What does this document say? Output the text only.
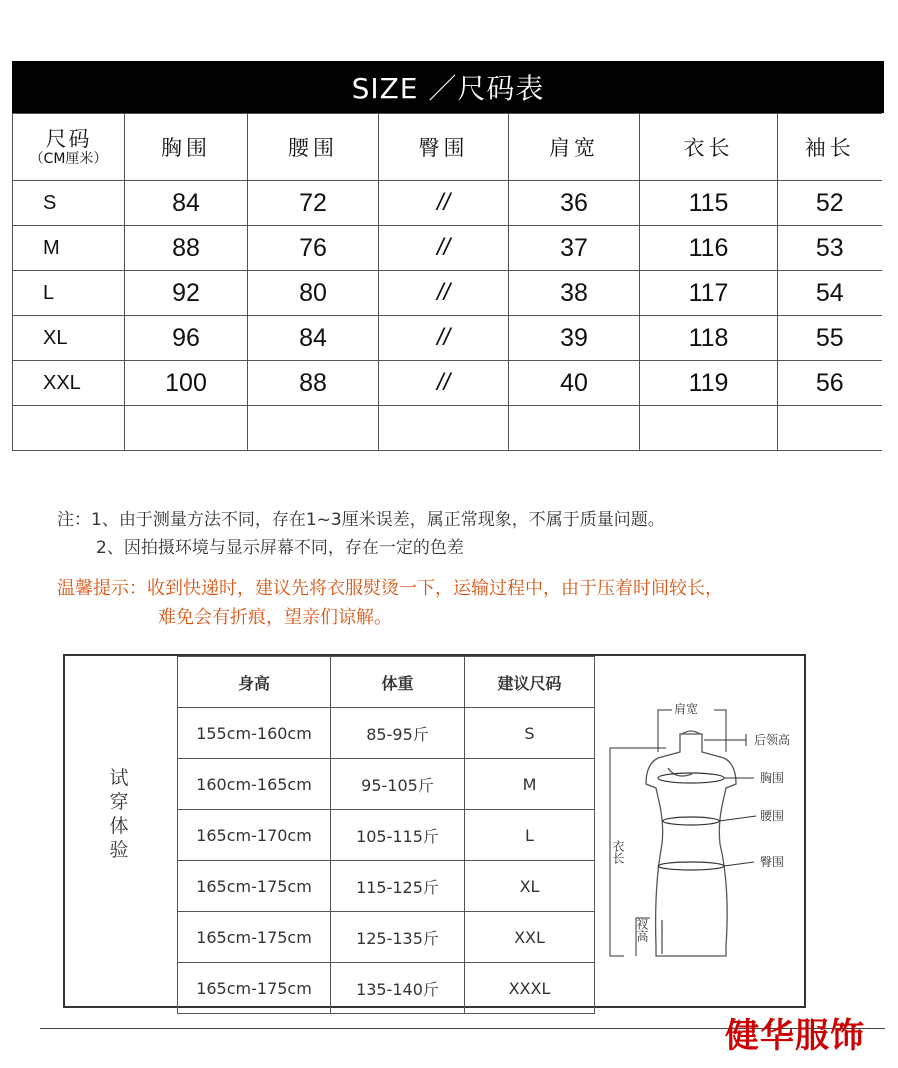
SIZE ／尺码表
尺码
（CM厘米）	胸围	腰围	臀围	肩宽	衣长	袖长
S	84	72	//	36	115	52
M	88	76	//	37	116	53
L	92	80	//	38	117	54
XL	96	84	//	39	118	55
XXL	100	88	//	40	119	56

注：1、由于测量方法不同，存在1~3厘米误差，属正常现象，不属于质量问题。
2、因拍摄环境与显示屏幕不同，存在一定的色差
温馨提示：收到快递时，建议先将衣服熨烫一下，运输过程中，由于压着时间较长，
难免会有折痕，望亲们谅解。
试穿体验
身高	体重	建议尺码
155cm-160cm	85-95斤	S
160cm-165cm	95-105斤	M
165cm-170cm	105-115斤	L
165cm-175cm	115-125斤	XL
165cm-175cm	125-135斤	XXL
165cm-175cm	135-140斤	XXXL
肩宽
后领高
胸围
腰围
臀围
衣长
衩高
健华服饰
